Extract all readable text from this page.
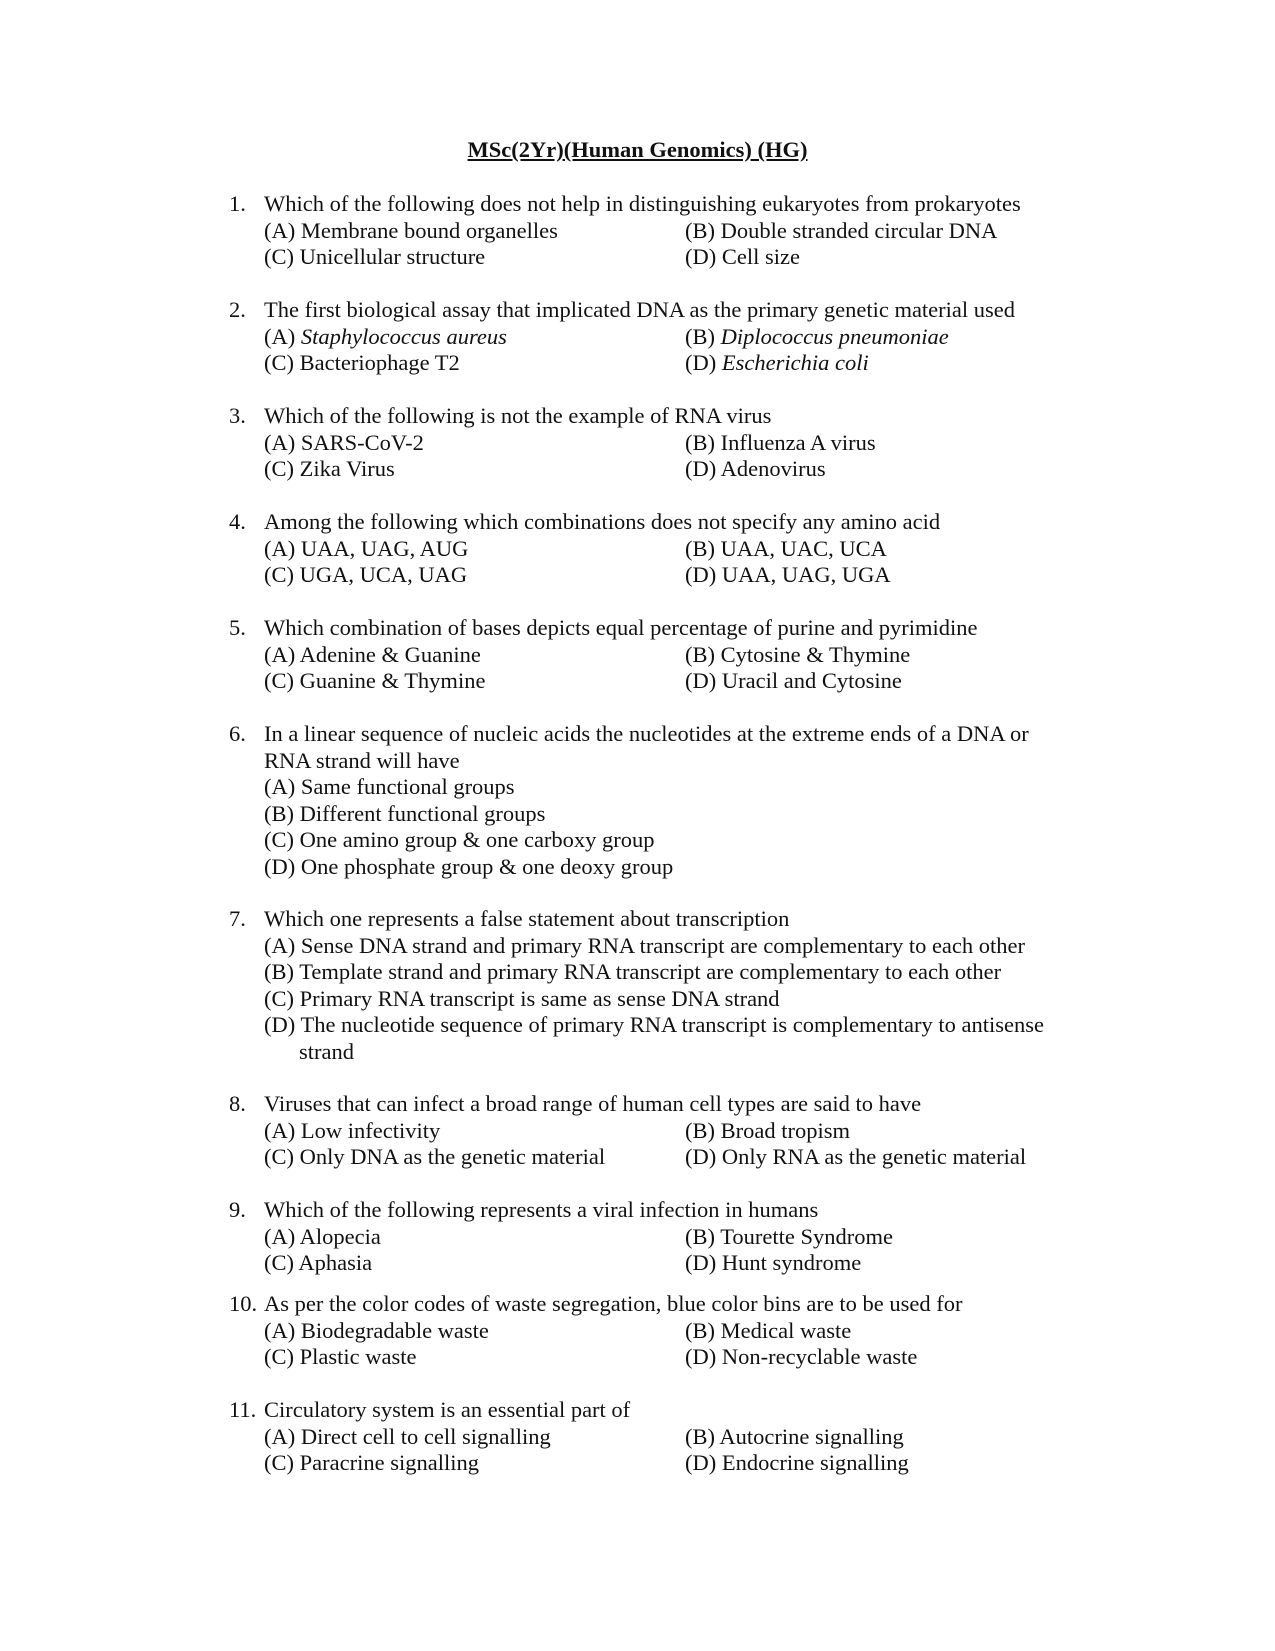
MSc(2Yr)(Human Genomics) (HG)
1. Which of the following does not help in distinguishing eukaryotes from prokaryotes
(A) Membrane bound organelles	(B) Double stranded circular DNA
(C) Unicellular structure	(D) Cell size
2. The first biological assay that implicated DNA as the primary genetic material used
(A) Staphylococcus aureus	(B) Diplococcus pneumoniae
(C) Bacteriophage T2	(D) Escherichia coli
3. Which of the following is not the example of RNA virus
(A) SARS-CoV-2	(B) Influenza A virus
(C) Zika Virus	(D) Adenovirus
4. Among the following which combinations does not specify any amino acid
(A) UAA, UAG, AUG	(B) UAA, UAC, UCA
(C) UGA, UCA, UAG	(D) UAA, UAG, UGA
5. Which combination of bases depicts equal percentage of purine and pyrimidine
(A) Adenine & Guanine	(B) Cytosine & Thymine
(C) Guanine & Thymine	(D) Uracil and Cytosine
6. In a linear sequence of nucleic acids the nucleotides at the extreme ends of a DNA or
RNA strand will have
(A) Same functional groups
(B) Different functional groups
(C) One amino group & one carboxy group
(D) One phosphate group & one deoxy group
7. Which one represents a false statement about transcription
(A) Sense DNA strand and primary RNA transcript are complementary to each other
(B) Template strand and primary RNA transcript are complementary to each other
(C) Primary RNA transcript is same as sense DNA strand
(D) The nucleotide sequence of primary RNA transcript is complementary to antisense
strand
8. Viruses that can infect a broad range of human cell types are said to have
(A) Low infectivity	(B) Broad tropism
(C) Only DNA as the genetic material	(D) Only RNA as the genetic material
9. Which of the following represents a viral infection in humans
(A) Alopecia	(B) Tourette Syndrome
(C) Aphasia	(D) Hunt syndrome
10. As per the color codes of waste segregation, blue color bins are to be used for
(A) Biodegradable waste	(B) Medical waste
(C) Plastic waste	(D) Non-recyclable waste
11. Circulatory system is an essential part of
(A) Direct cell to cell signalling	(B) Autocrine signalling
(C) Paracrine signalling	(D) Endocrine signalling
